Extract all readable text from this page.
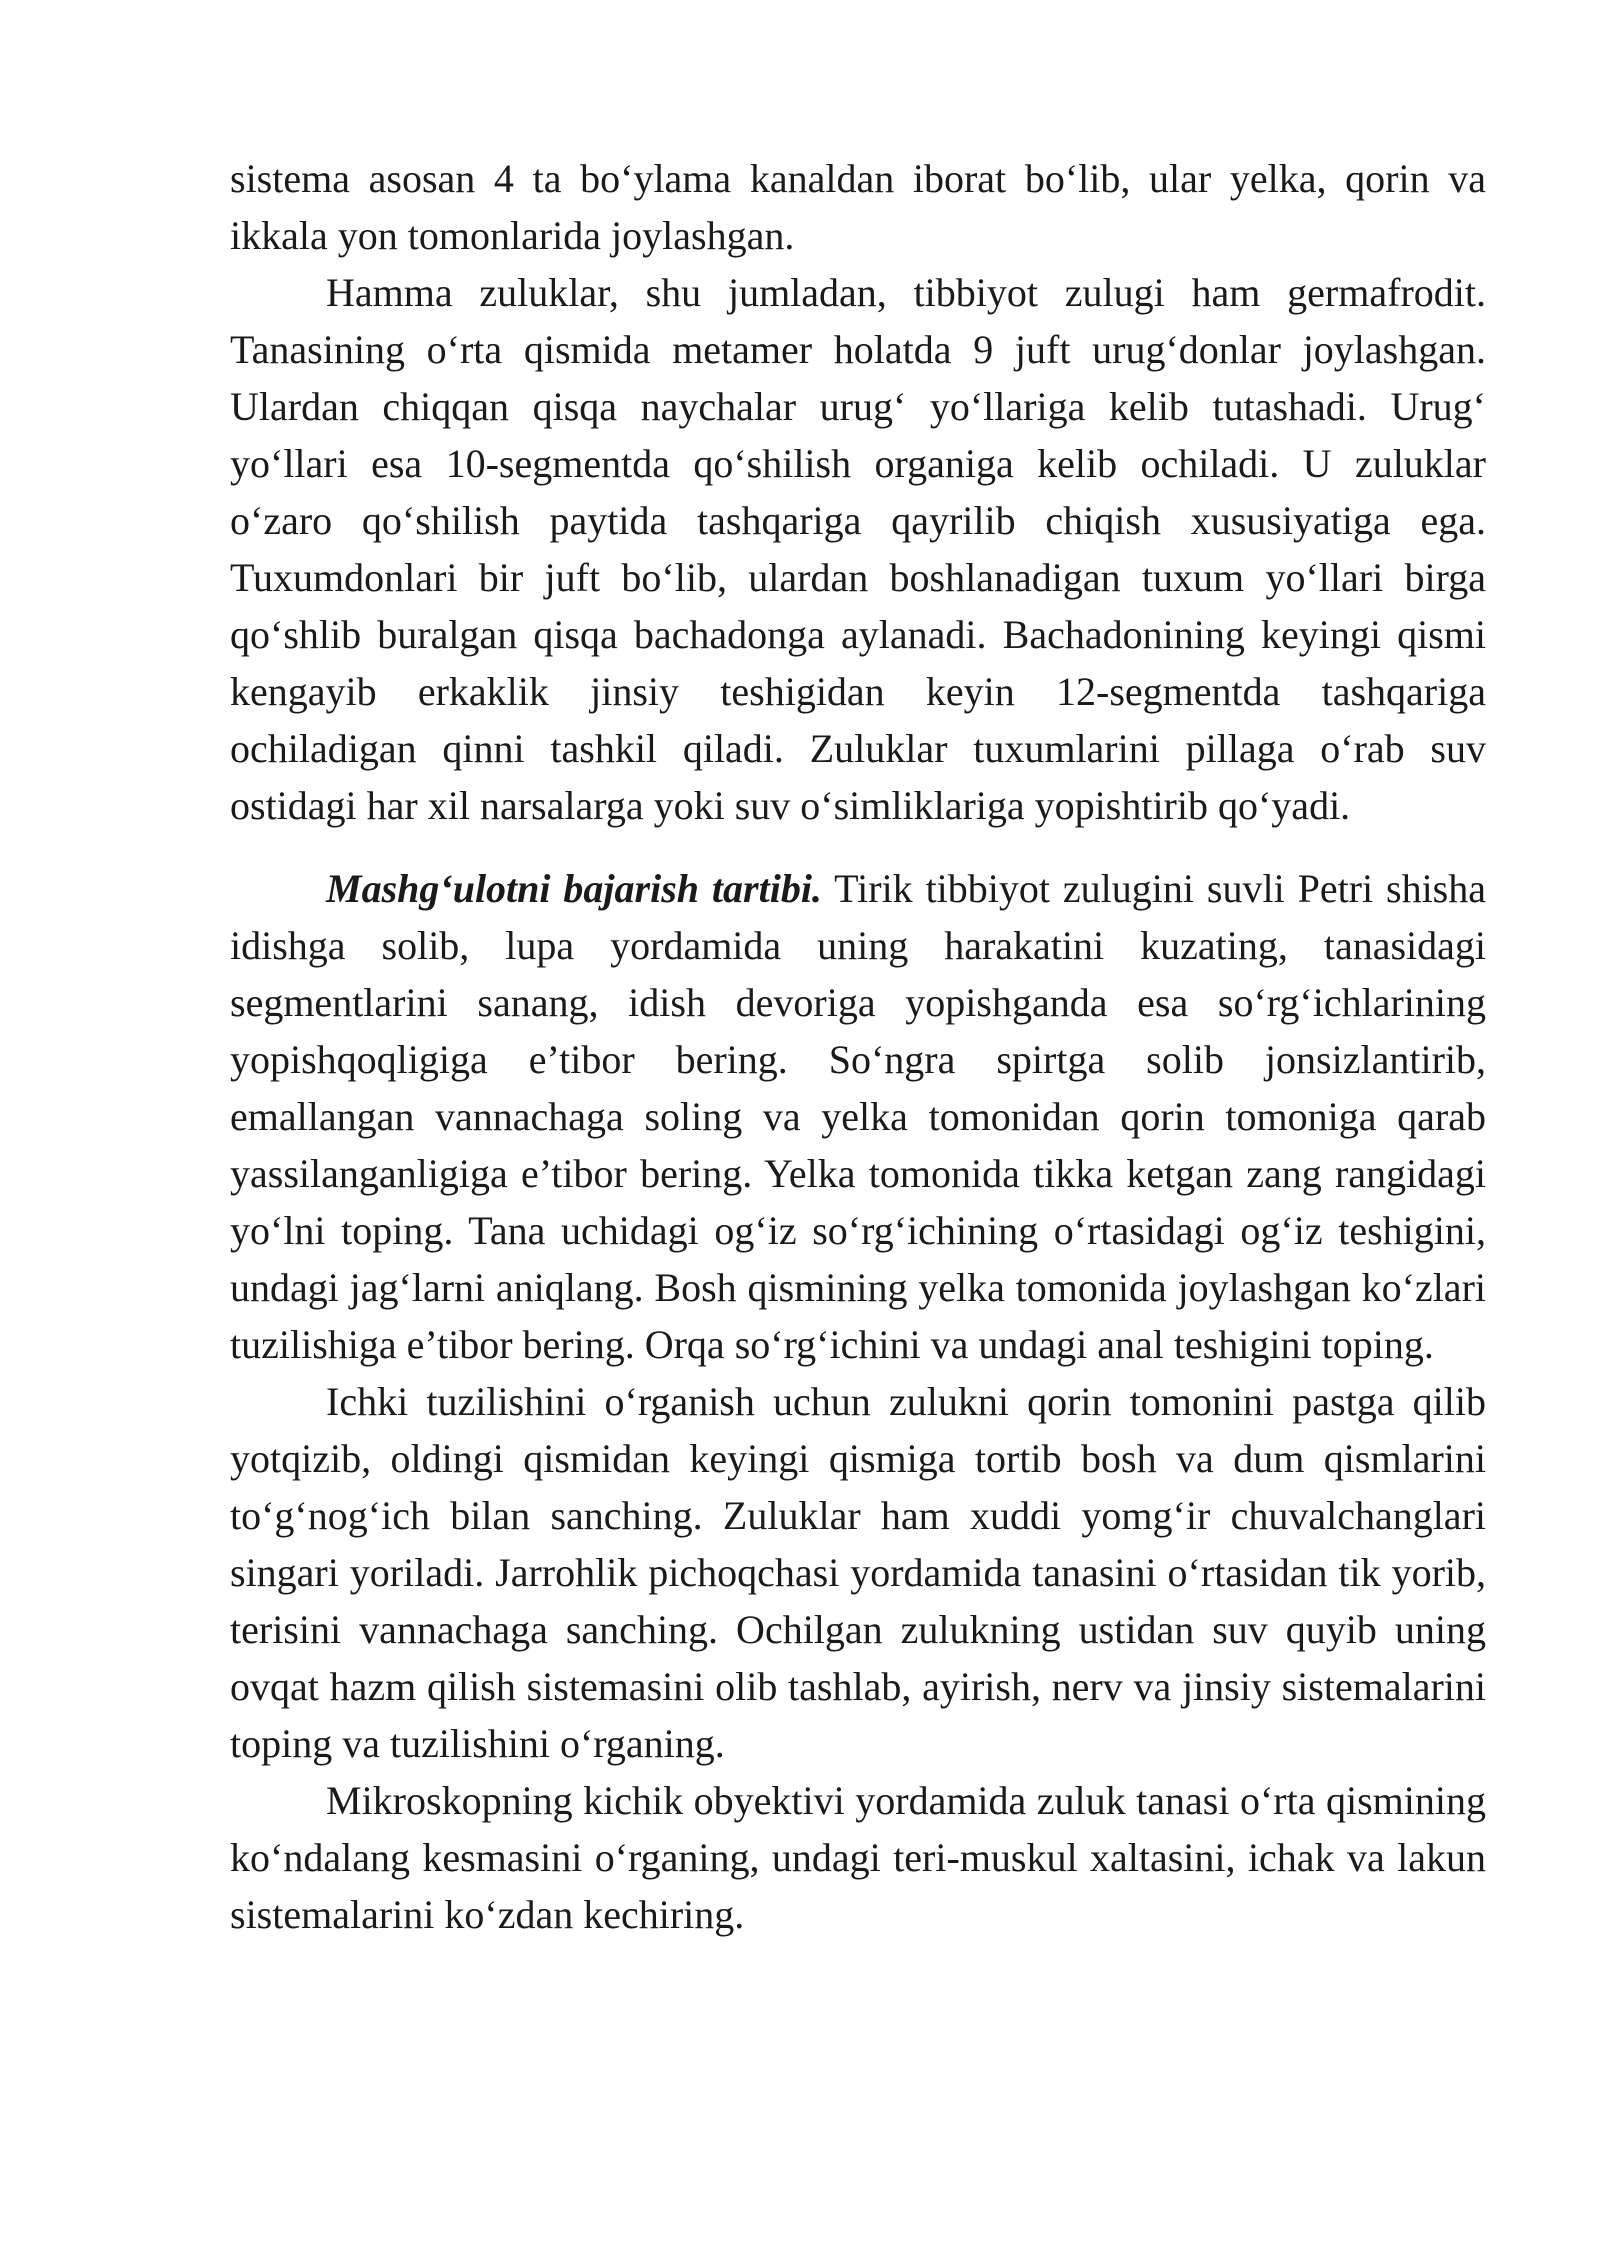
sistema asosan 4 ta bo‘ylama kanaldan iborat bo‘lib, ular yelka, qorin va ikkala yon tomonlarida joylashgan.

Hamma zuluklar, shu jumladan, tibbiyot zulugi ham germafrodit. Tanasining o‘rta qismida metamer holatda 9 juft urug‘donlar joylashgan. Ulardan chiqqan qisqa naychalar urug‘ yo‘llariga kelib tutashadi. Urug‘ yo‘llari esa 10-segmentda qo‘shilish organiga kelib ochiladi. U zuluklar o‘zaro qo‘shilish paytida tashqariga qayrilib chiqish xususiyatiga ega. Tuxumdonlari bir juft bo‘lib, ulardan boshlanadigan tuxum yo‘llari birga qo‘shlib buralgan qisqa bachadonga aylanadi. Bachadonining keyingi qismi kengayib erkaklik jinsiy teshigidan keyin 12-segmentda tashqariga ochiladigan qinni tashkil qiladi. Zuluklar tuxumlarini pillaga o‘rab suv ostidagi har xil narsalarga yoki suv o‘simliklariga yopishtirib qo‘yadi.

Mashg‘ulotni bajarish tartibi. Tirik tibbiyot zulugini suvli Petri shisha idishga solib, lupa yordamida uning harakatini kuzating, tanasidagi segmentlarini sanang, idish devoriga yopishganda esa so‘rg‘ichlarining yopishqoqligiga e’tibor bering. So‘ngra spirtga solib jonsizlantirib, emallangan vannachaga soling va yelka tomonidan qorin tomoniga qarab yassilanganligiga e’tibor bering. Yelka tomonida tikka ketgan zang rangidagi yo‘lni toping. Tana uchidagi og‘iz so‘rg‘ichining o‘rtasidagi og‘iz teshigini, undagi jag‘larni aniqlang. Bosh qismining yelka tomonida joylashgan ko‘zlari tuzilishiga e’tibor bering. Orqa so‘rg‘ichini va undagi anal teshigini toping.

Ichki tuzilishini o‘rganish uchun zulukni qorin tomonini pastga qilib yotqizib, oldingi qismidan keyingi qismiga tortib bosh va dum qismlarini to‘g‘nog‘ich bilan sanching. Zuluklar ham xuddi yomg‘ir chuvalchanglari singari yoriladi. Jarrohlik pichoqchasi yordamida tanasini o‘rtasidan tik yorib, terisini vannachaga sanching. Ochilgan zulukning ustidan suv quyib uning ovqat hazm qilish sistemasini olib tashlab, ayirish, nerv va jinsiy sistemalarini toping va tuzilishini o‘rganing.

Mikroskopning kichik obyektivi yordamida zuluk tanasi o‘rta qismining ko‘ndalang kesmasini o‘rganing, undagi teri-muskul xaltasini, ichak va lakun sistemalarini ko‘zdan kechiring.
